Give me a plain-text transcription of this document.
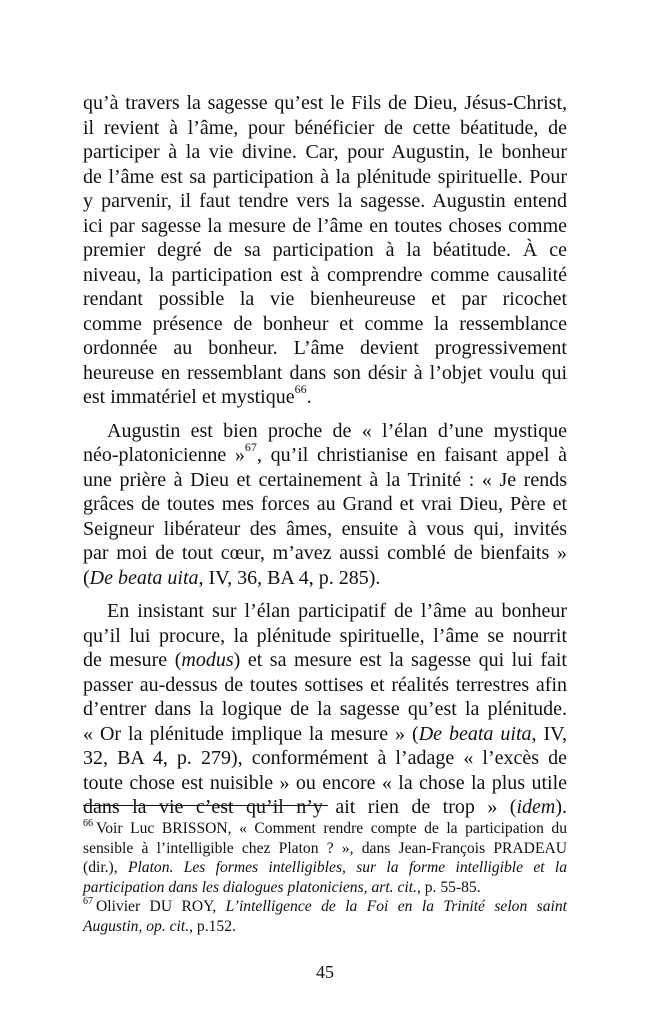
qu’à travers la sagesse qu’est le Fils de Dieu, Jésus-Christ,
il revient à l’âme, pour bénéficier de cette béatitude, de
participer à la vie divine. Car, pour Augustin, le bonheur
de l’âme est sa participation à la plénitude spirituelle. Pour
y parvenir, il faut tendre vers la sagesse. Augustin entend
ici par sagesse la mesure de l’âme en toutes choses comme
premier degré de sa participation à la béatitude. À ce
niveau, la participation est à comprendre comme causalité
rendant possible la vie bienheureuse et par ricochet
comme présence de bonheur et comme la ressemblance
ordonnée au bonheur. L’âme devient progressivement
heureuse en ressemblant dans son désir à l’objet voulu qui
est immatériel et mystique$^{66}$.
Augustin est bien proche de « l’élan d’une mystique
néo-platonicienne »$^{67}$, qu’il christianise en faisant appel à
une prière à Dieu et certainement à la Trinité : « Je rends
grâces de toutes mes forces au Grand et vrai Dieu, Père et
Seigneur libérateur des âmes, ensuite à vous qui, invités
par moi de tout cœur, m’avez aussi comblé de bienfaits »
(De beata uita, IV, 36, BA 4, p. 285).
En insistant sur l’élan participatif de l’âme au bonheur
qu’il lui procure, la plénitude spirituelle, l’âme se nourrit
de mesure (modus) et sa mesure est la sagesse qui lui fait
passer au-dessus de toutes sottises et réalités terrestres afin
d’entrer dans la logique de la sagesse qu’est la plénitude.
« Or la plénitude implique la mesure » (De beata uita, IV,
32, BA 4, p. 279), conformément à l’adage « l’excès de
toute chose est nuisible » ou encore « la chose la plus utile
dans la vie c’est qu’il n’y ait rien de trop » (idem).
$^{66}$ Voir Luc BRISSON, « Comment rendre compte de la participation du
sensible à l’intelligible chez Platon ? », dans Jean-François PRADEAU
(dir.), Platon. Les formes intelligibles, sur la forme intelligible et la
participation dans les dialogues platoniciens, art. cit., p. 55-85.
$^{67}$ Olivier DU ROY, L’intelligence de la Foi en la Trinité selon saint
Augustin, op. cit., p.152.
45
